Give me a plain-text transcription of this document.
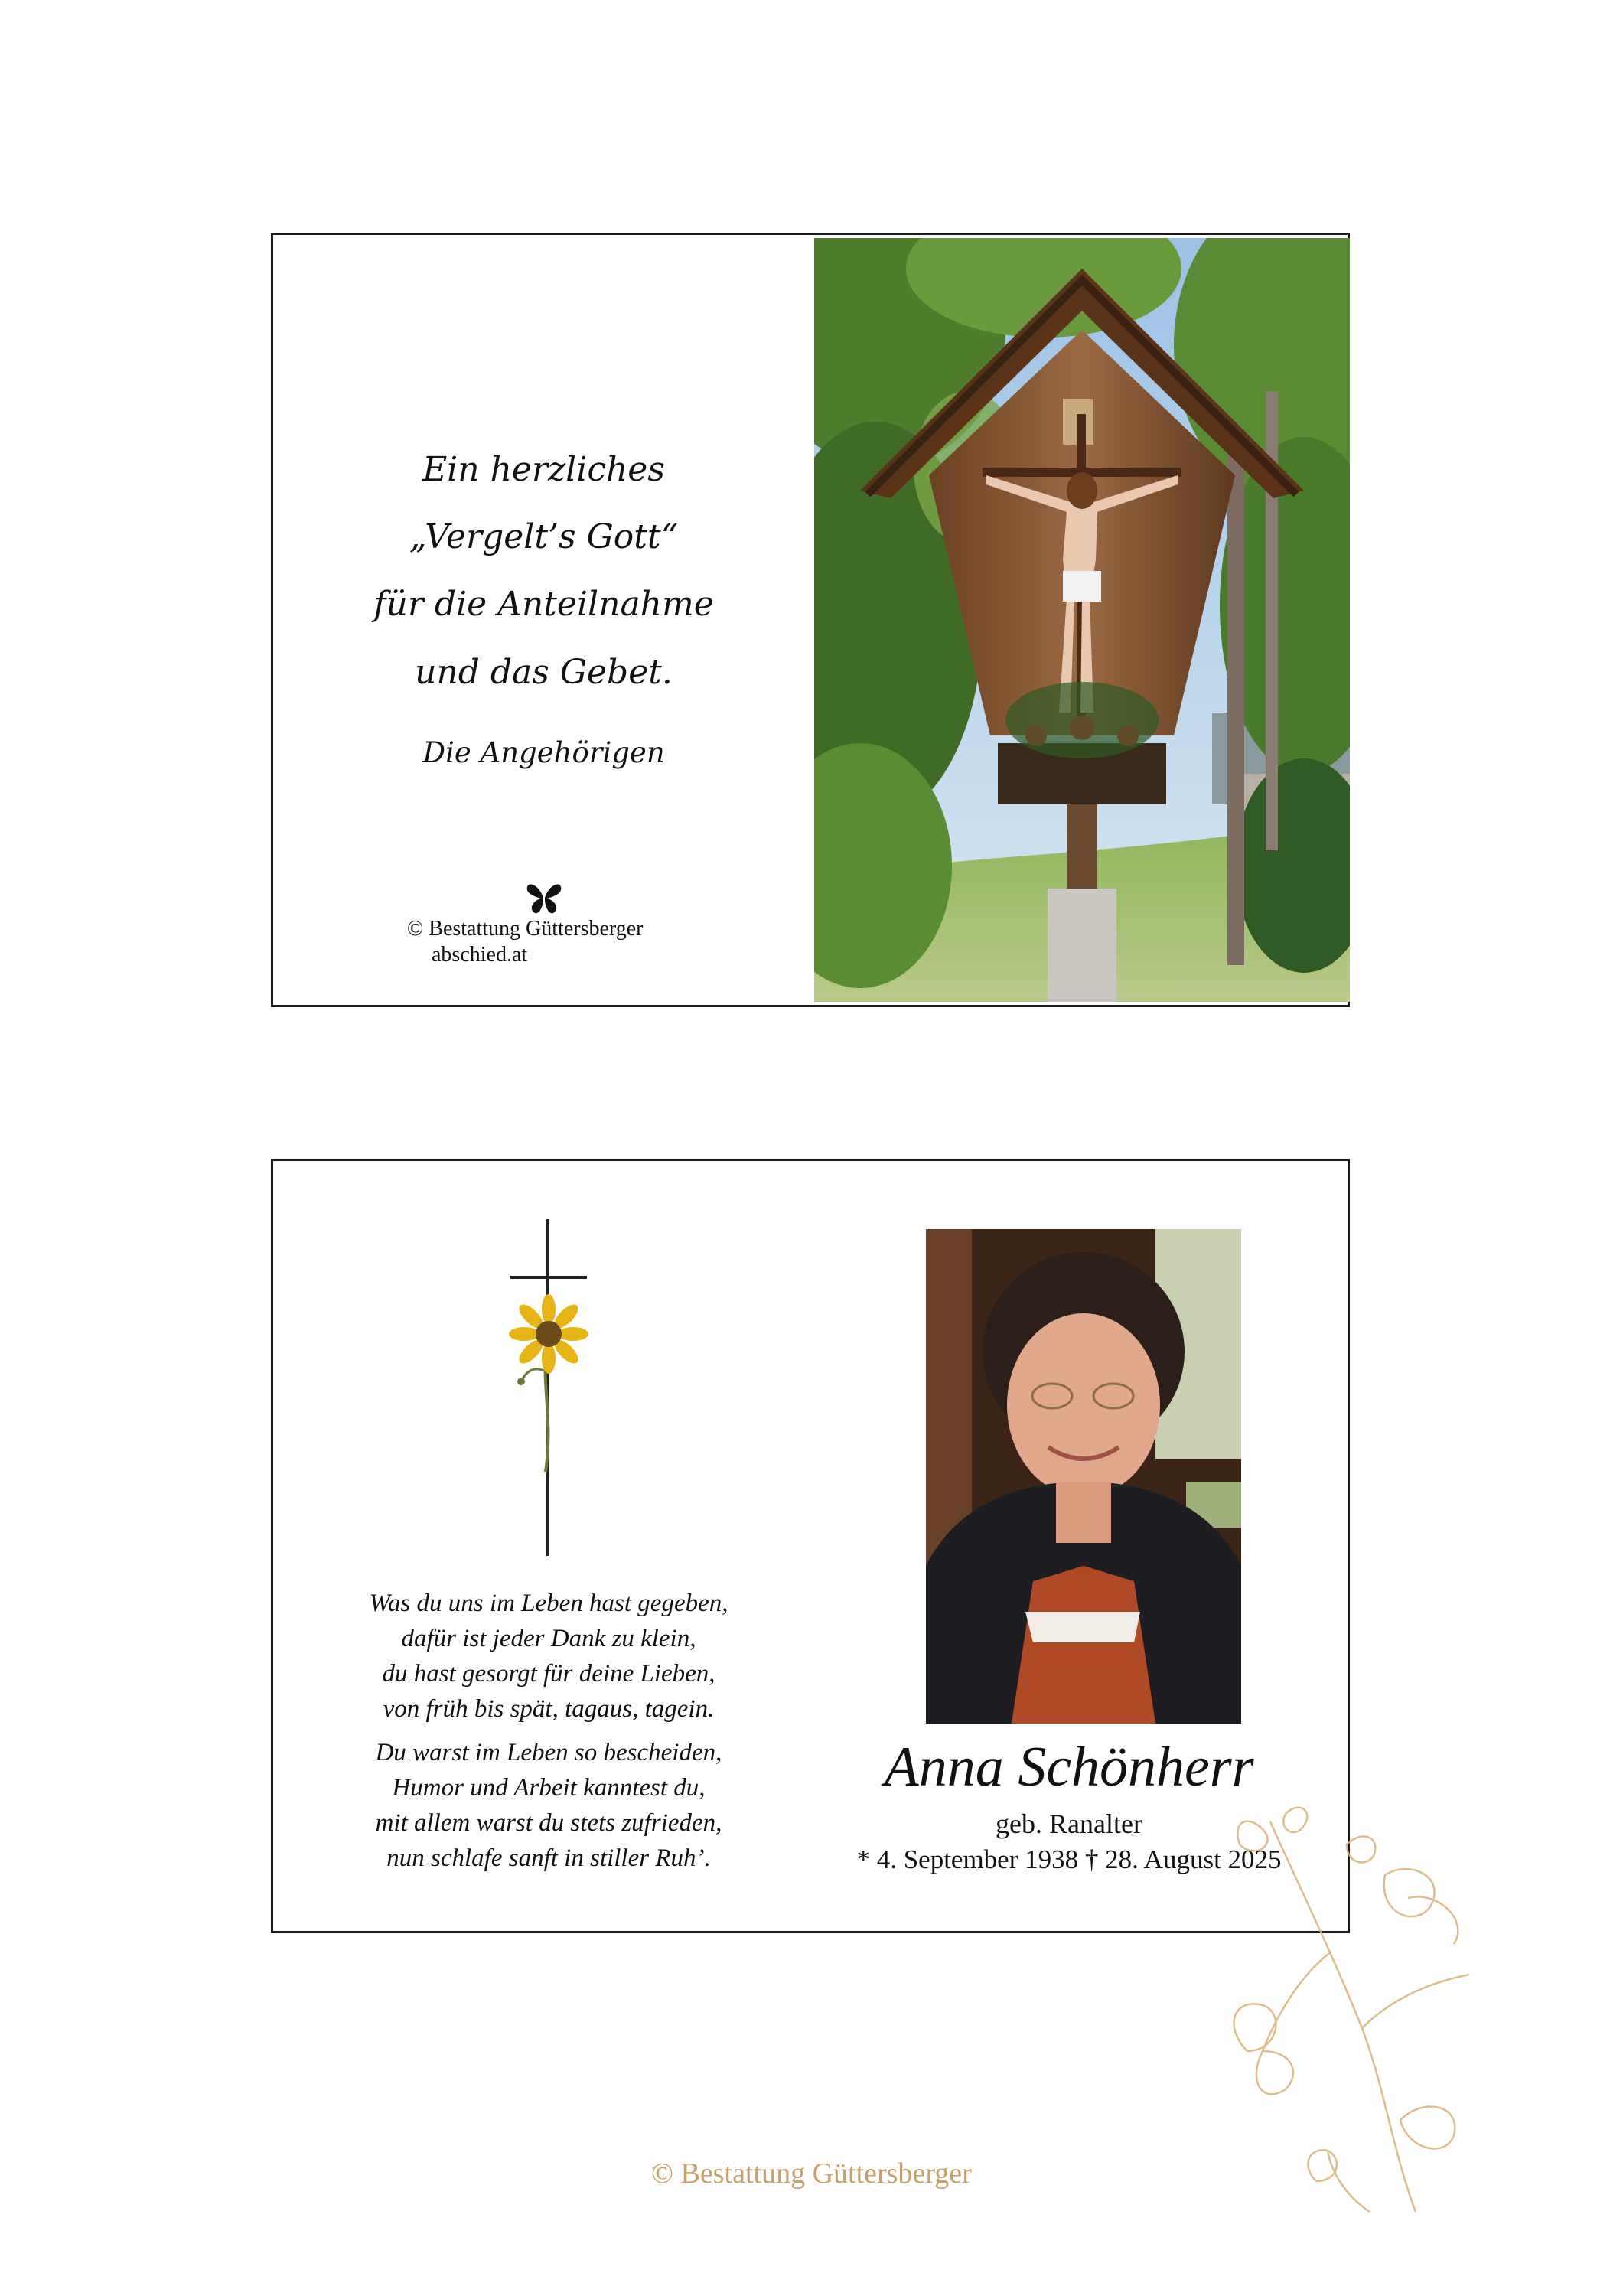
Ein herzliches
„Vergelt’s Gott“
für die Anteilnahme
und das Gebet.
Die Angehörigen
© Bestattung Güttersberger
abschied.at
Was du uns im Leben hast gegeben,
dafür ist jeder Dank zu klein,
du hast gesorgt für deine Lieben,
von früh bis spät, tagaus, tagein.
Du warst im Leben so bescheiden,
Humor und Arbeit kanntest du,
mit allem warst du stets zufrieden,
nun schlafe sanft in stiller Ruh’.
Anna Schönherr
geb. Ranalter
* 4. September 1938 † 28. August 2025
© Bestattung Güttersberger
